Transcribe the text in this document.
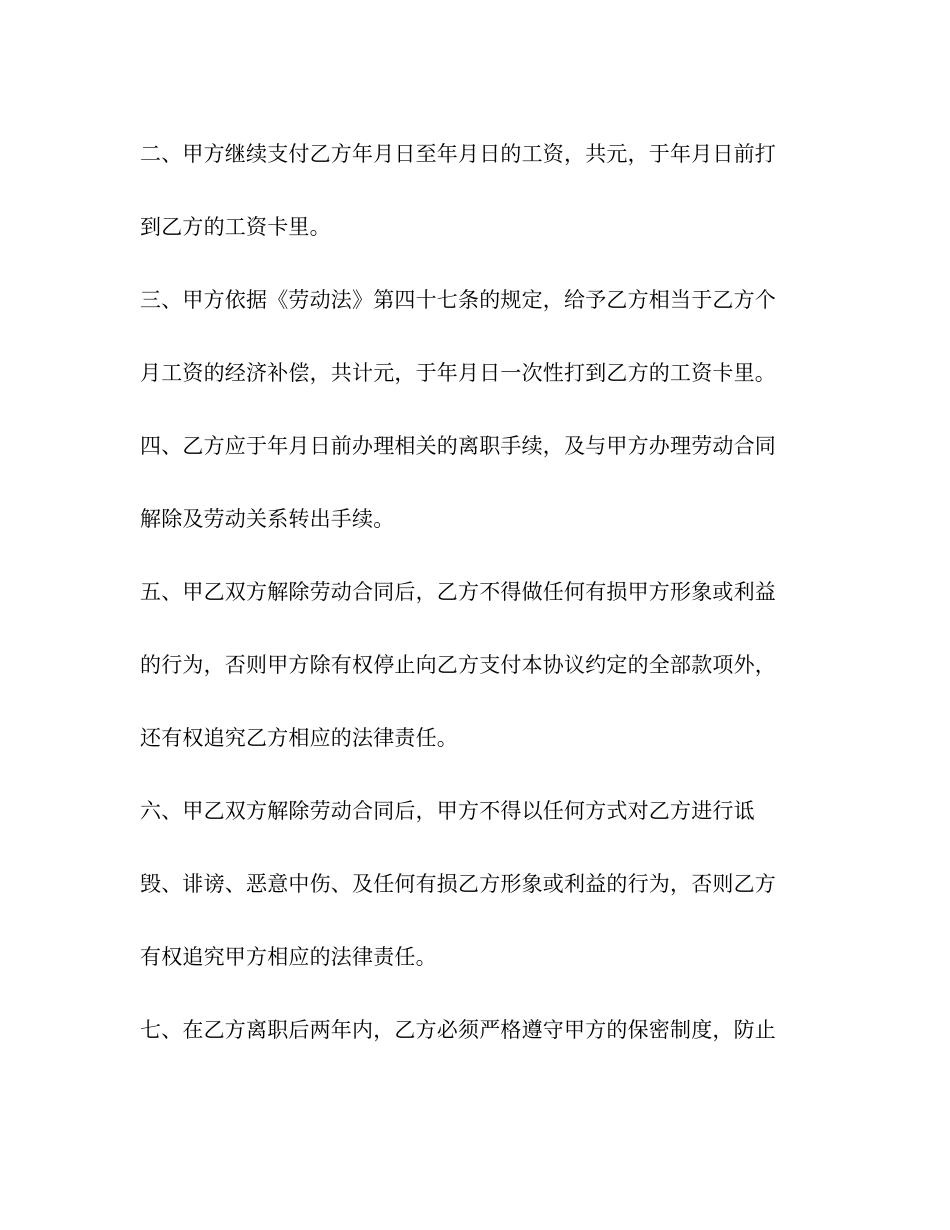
二、甲方继续支付乙方年月日至年月日的工资，共元，于年月日前打
到乙方的工资卡里。
三、甲方依据《劳动法》第四十七条的规定，给予乙方相当于乙方个
月工资的经济补偿，共计元，于年月日一次性打到乙方的工资卡里。
四、乙方应于年月日前办理相关的离职手续，及与甲方办理劳动合同
解除及劳动关系转出手续。
五、甲乙双方解除劳动合同后，乙方不得做任何有损甲方形象或利益
的行为，否则甲方除有权停止向乙方支付本协议约定的全部款项外，
还有权追究乙方相应的法律责任。
六、甲乙双方解除劳动合同后，甲方不得以任何方式对乙方进行诋
毁、诽谤、恶意中伤、及任何有损乙方形象或利益的行为，否则乙方
有权追究甲方相应的法律责任。
七、在乙方离职后两年内，乙方必须严格遵守甲方的保密制度，防止
